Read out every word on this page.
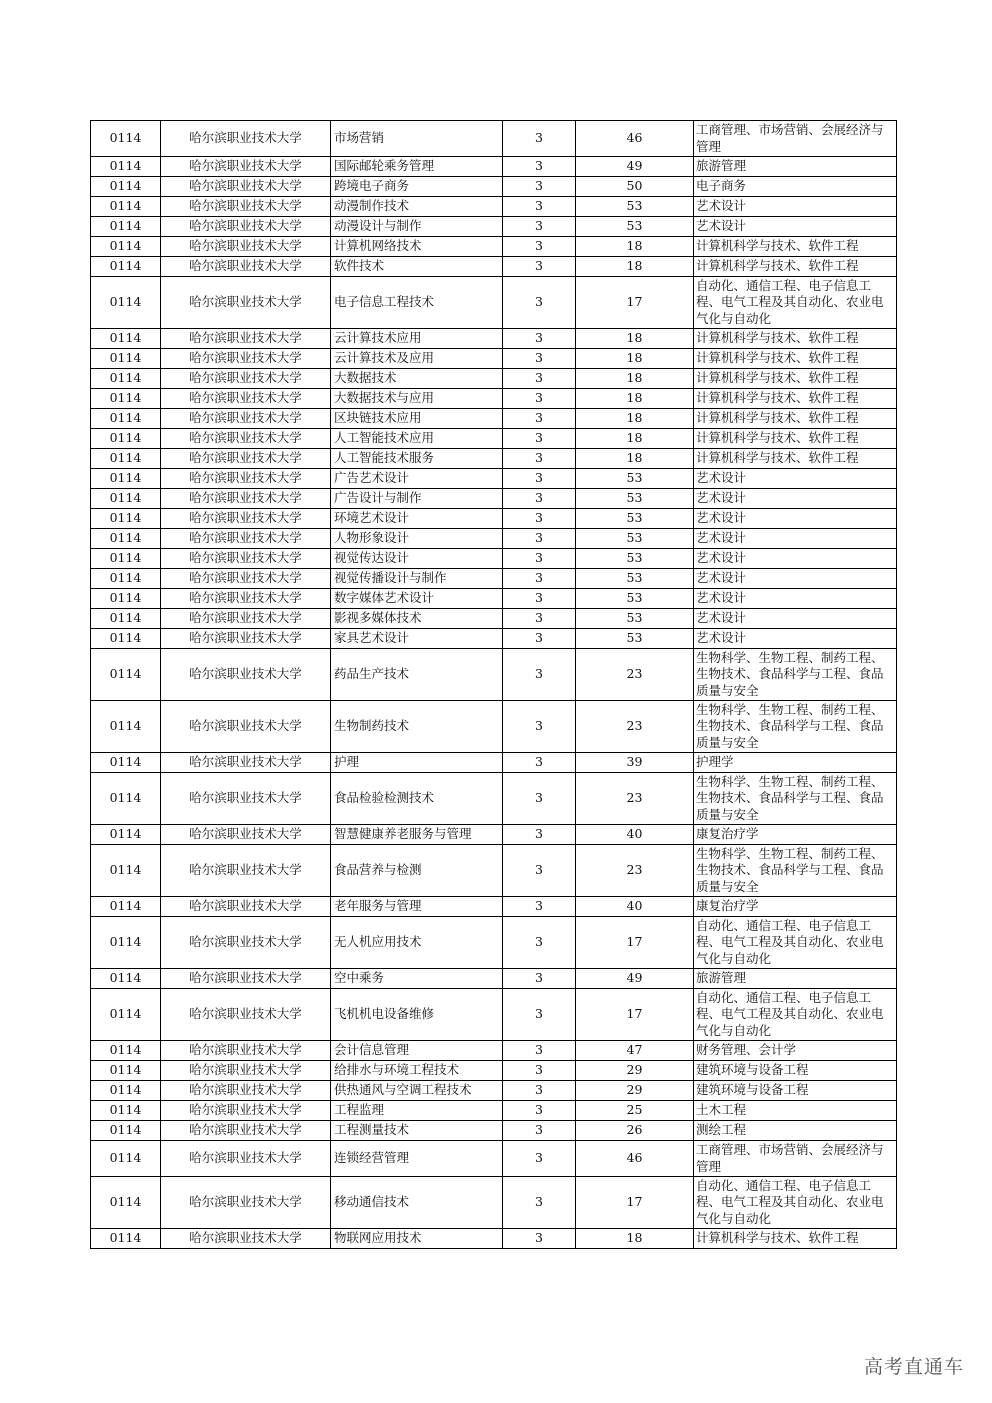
0114	哈尔滨职业技术大学	市场营销	3	46	工商管理、市场营销、会展经济与管理
0114	哈尔滨职业技术大学	国际邮轮乘务管理	3	49	旅游管理
0114	哈尔滨职业技术大学	跨境电子商务	3	50	电子商务
0114	哈尔滨职业技术大学	动漫制作技术	3	53	艺术设计
0114	哈尔滨职业技术大学	动漫设计与制作	3	53	艺术设计
0114	哈尔滨职业技术大学	计算机网络技术	3	18	计算机科学与技术、软件工程
0114	哈尔滨职业技术大学	软件技术	3	18	计算机科学与技术、软件工程
0114	哈尔滨职业技术大学	电子信息工程技术	3	17	自动化、通信工程、电子信息工程、电气工程及其自动化、农业电气化与自动化
0114	哈尔滨职业技术大学	云计算技术应用	3	18	计算机科学与技术、软件工程
0114	哈尔滨职业技术大学	云计算技术及应用	3	18	计算机科学与技术、软件工程
0114	哈尔滨职业技术大学	大数据技术	3	18	计算机科学与技术、软件工程
0114	哈尔滨职业技术大学	大数据技术与应用	3	18	计算机科学与技术、软件工程
0114	哈尔滨职业技术大学	区块链技术应用	3	18	计算机科学与技术、软件工程
0114	哈尔滨职业技术大学	人工智能技术应用	3	18	计算机科学与技术、软件工程
0114	哈尔滨职业技术大学	人工智能技术服务	3	18	计算机科学与技术、软件工程
0114	哈尔滨职业技术大学	广告艺术设计	3	53	艺术设计
0114	哈尔滨职业技术大学	广告设计与制作	3	53	艺术设计
0114	哈尔滨职业技术大学	环境艺术设计	3	53	艺术设计
0114	哈尔滨职业技术大学	人物形象设计	3	53	艺术设计
0114	哈尔滨职业技术大学	视觉传达设计	3	53	艺术设计
0114	哈尔滨职业技术大学	视觉传播设计与制作	3	53	艺术设计
0114	哈尔滨职业技术大学	数字媒体艺术设计	3	53	艺术设计
0114	哈尔滨职业技术大学	影视多媒体技术	3	53	艺术设计
0114	哈尔滨职业技术大学	家具艺术设计	3	53	艺术设计
0114	哈尔滨职业技术大学	药品生产技术	3	23	生物科学、生物工程、制药工程、生物技术、食品科学与工程、食品质量与安全
0114	哈尔滨职业技术大学	生物制药技术	3	23	生物科学、生物工程、制药工程、生物技术、食品科学与工程、食品质量与安全
0114	哈尔滨职业技术大学	护理	3	39	护理学
0114	哈尔滨职业技术大学	食品检验检测技术	3	23	生物科学、生物工程、制药工程、生物技术、食品科学与工程、食品质量与安全
0114	哈尔滨职业技术大学	智慧健康养老服务与管理	3	40	康复治疗学
0114	哈尔滨职业技术大学	食品营养与检测	3	23	生物科学、生物工程、制药工程、生物技术、食品科学与工程、食品质量与安全
0114	哈尔滨职业技术大学	老年服务与管理	3	40	康复治疗学
0114	哈尔滨职业技术大学	无人机应用技术	3	17	自动化、通信工程、电子信息工程、电气工程及其自动化、农业电气化与自动化
0114	哈尔滨职业技术大学	空中乘务	3	49	旅游管理
0114	哈尔滨职业技术大学	飞机机电设备维修	3	17	自动化、通信工程、电子信息工程、电气工程及其自动化、农业电气化与自动化
0114	哈尔滨职业技术大学	会计信息管理	3	47	财务管理、会计学
0114	哈尔滨职业技术大学	给排水与环境工程技术	3	29	建筑环境与设备工程
0114	哈尔滨职业技术大学	供热通风与空调工程技术	3	29	建筑环境与设备工程
0114	哈尔滨职业技术大学	工程监理	3	25	土木工程
0114	哈尔滨职业技术大学	工程测量技术	3	26	测绘工程
0114	哈尔滨职业技术大学	连锁经营管理	3	46	工商管理、市场营销、会展经济与管理
0114	哈尔滨职业技术大学	移动通信技术	3	17	自动化、通信工程、电子信息工程、电气工程及其自动化、农业电气化与自动化
0114	哈尔滨职业技术大学	物联网应用技术	3	18	计算机科学与技术、软件工程
高考直通车
